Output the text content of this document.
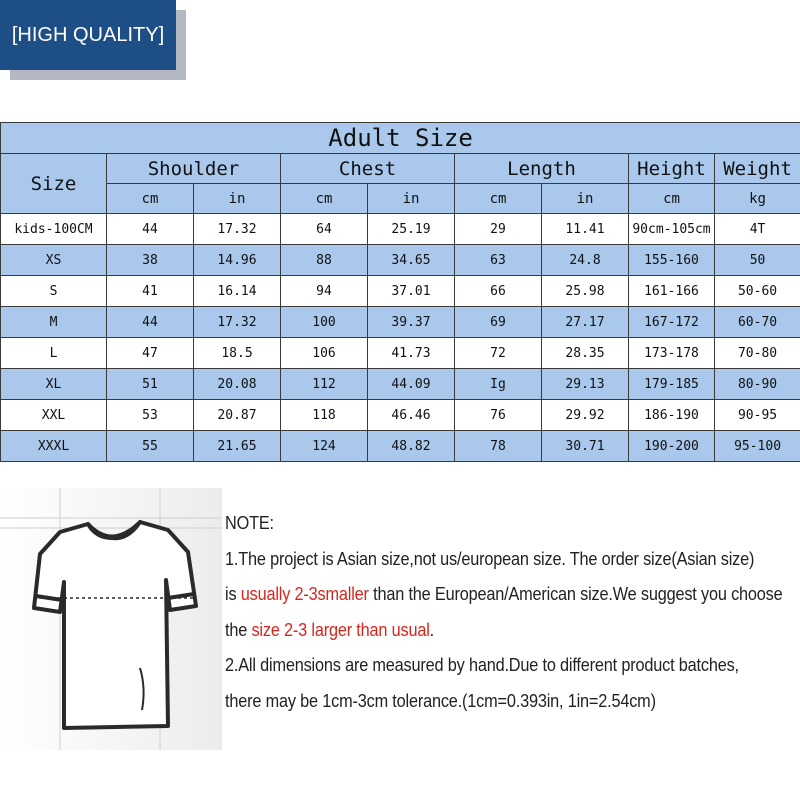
[HIGH QUALITY]
Adult Size								
Size	Shoulder		Chest		Length		Height	Weight
	cm	in	cm	in	cm	in	cm	kg
kids-100CM	44	17.32	64	25.19	29	11.41	90cm-105cm	4T
XS	38	14.96	88	34.65	63	24.8	155-160	50
S	41	16.14	94	37.01	66	25.98	161-166	50-60
M	44	17.32	100	39.37	69	27.17	167-172	60-70
L	47	18.5	106	41.73	72	28.35	173-178	70-80
XL	51	20.08	112	44.09	Ig	29.13	179-185	80-90
XXL	53	20.87	118	46.46	76	29.92	186-190	90-95
XXXL	55	21.65	124	48.82	78	30.71	190-200	95-100
NOTE:
1.The project is Asian size,not us/european size. The order size(Asian size)
is usually 2-3smaller than the European/American size.We suggest you choose
the size 2-3 larger than usual.
2.All dimensions are measured by hand.Due to different product batches,
there may be 1cm-3cm tolerance.(1cm=0.393in, 1in=2.54cm)
